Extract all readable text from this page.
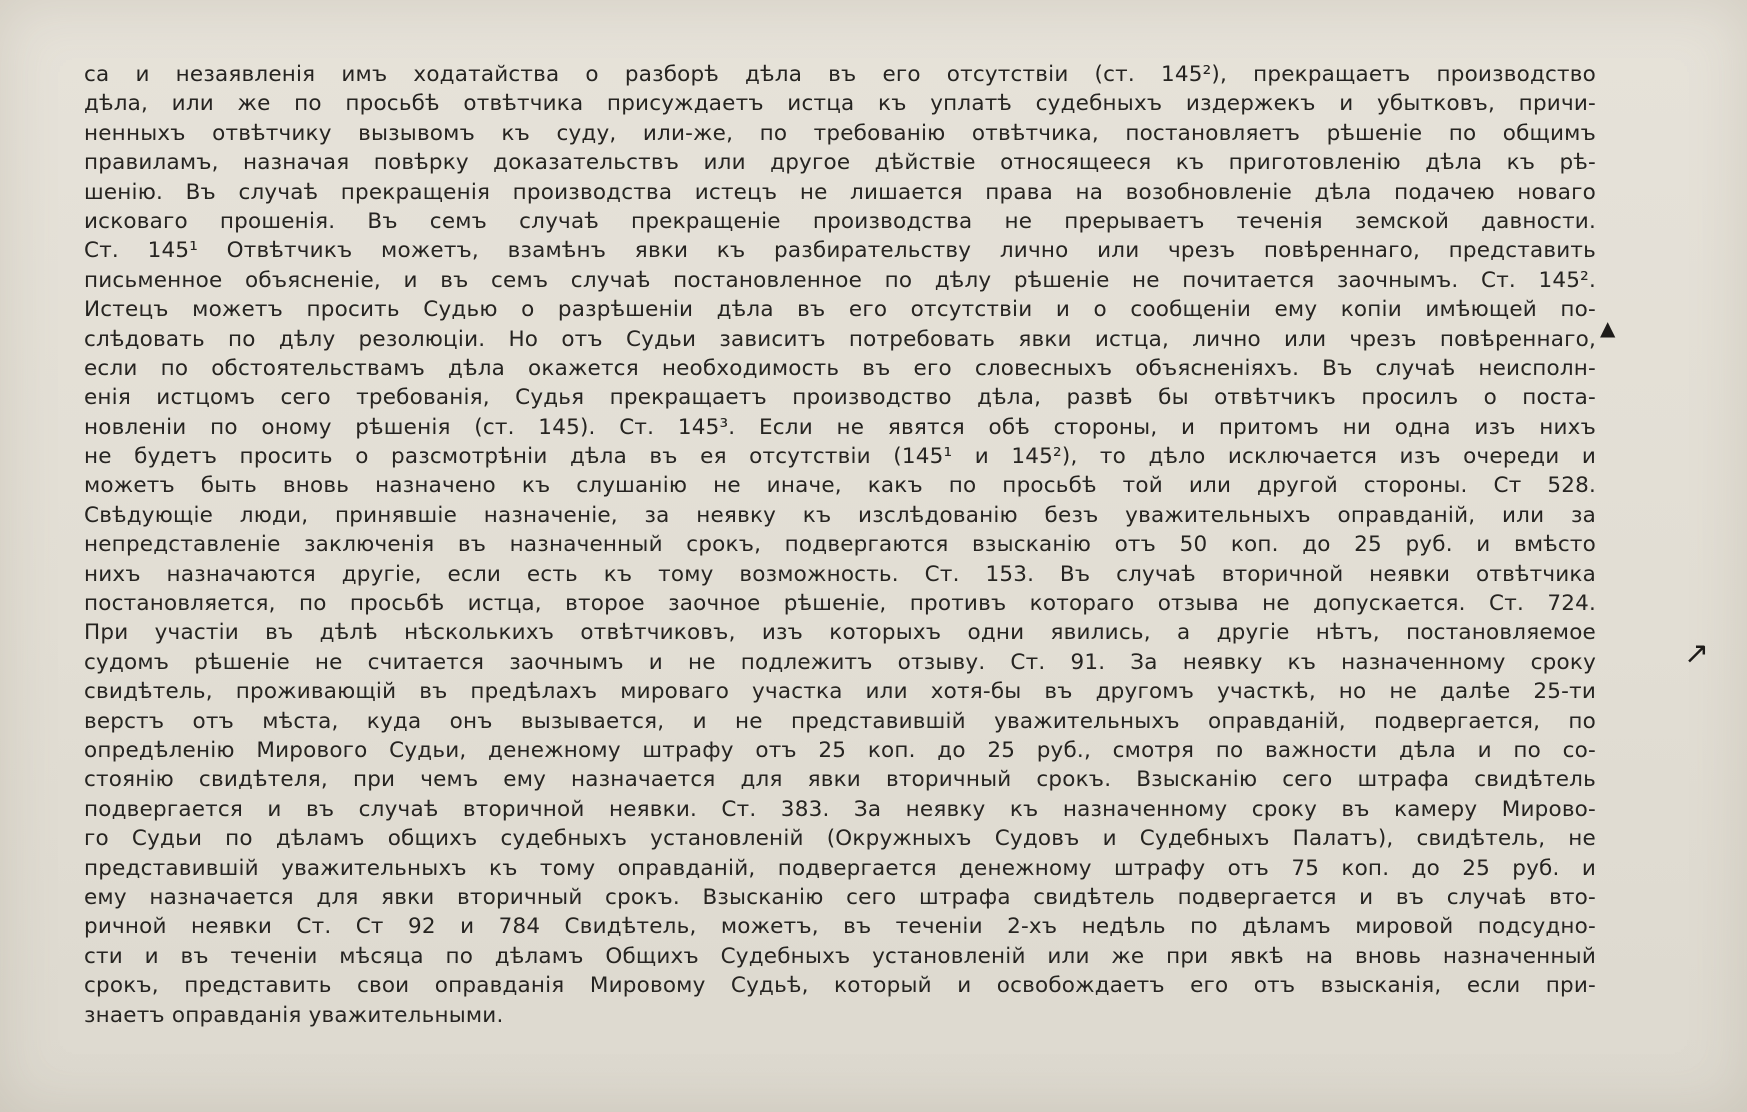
ca и незаявленія имъ ходатайства о разборѣ дѣла въ его отсутствіи (ст. 145²), прекращаетъ производство
дѣла, или же по просьбѣ отвѣтчика присуждаетъ истца къ уплатѣ судебныхъ издержекъ и убытковъ, причи-
ненныхъ отвѣтчику вызывомъ къ суду, или-же, по требованію отвѣтчика, постановляетъ рѣшеніе по общимъ
правиламъ, назначая повѣрку доказательствъ или другое дѣйствіе относящееся къ приготовленію дѣла къ рѣ-
шенію. Въ случаѣ прекращенія производства истецъ не лишается права на возобновленіе дѣла подачею новаго
исковаго прошенія. Въ семъ случаѣ прекращеніе производства не прерываетъ теченія земской давности.
Ст. 145¹ Отвѣтчикъ можетъ, взамѣнъ явки къ разбирательству лично или чрезъ повѣреннаго, представить
письменное объясненіе, и въ семъ случаѣ постановленное по дѣлу рѣшеніе не почитается заочнымъ. Ст. 145².
Истецъ можетъ просить Судью о разрѣшеніи дѣла въ его отсутствіи и о сообщеніи ему копіи имѣющей по-
слѣдовать по дѣлу резолюціи. Но отъ Судьи зависитъ потребовать явки истца, лично или чрезъ повѣреннаго,
если по обстоятельствамъ дѣла окажется необходимость въ его словесныхъ объясненіяхъ. Въ случаѣ неисполн-
енія истцомъ сего требованія, Судья прекращаетъ производство дѣла, развѣ бы отвѣтчикъ просилъ о поста-
новленіи по оному рѣшенія (ст. 145). Ст. 145³. Если не явятся обѣ стороны, и притомъ ни одна изъ нихъ
не будетъ просить о разсмотрѣніи дѣла въ ея отсутствіи (145¹ и 145²), то дѣло исключается изъ очереди и
можетъ быть вновь назначено къ слушанію не иначе, какъ по просьбѣ той или другой стороны. Ст 528.
Свѣдующіе люди, принявшіе назначеніе, за неявку къ изслѣдованію безъ уважительныхъ оправданій, или за
непредставленіе заключенія въ назначенный срокъ, подвергаются взысканію отъ 50 коп. до 25 руб. и вмѣсто
нихъ назначаются другіе, если есть къ тому возможность. Ст. 153. Въ случаѣ вторичной неявки отвѣтчика
постановляется, по просьбѣ истца, второе заочное рѣшеніе, противъ котораго отзыва не допускается. Ст. 724.
При участіи въ дѣлѣ нѣсколькихъ отвѣтчиковъ, изъ которыхъ одни явились, а другіе нѣтъ, постановляемое
судомъ рѣшеніе не считается заочнымъ и не подлежитъ отзыву. Ст. 91. За неявку къ назначенному сроку
свидѣтель, проживающій въ предѣлахъ мироваго участка или хотя-бы въ другомъ участкѣ, но не далѣе 25-ти
верстъ отъ мѣста, куда онъ вызывается, и не представившій уважительныхъ оправданій, подвергается, по
опредѣленію Мирового Судьи, денежному штрафу отъ 25 коп. до 25 руб., смотря по важности дѣла и по со-
стоянію свидѣтеля, при чемъ ему назначается для явки вторичный срокъ. Взысканію сего штрафа свидѣтель
подвергается и въ случаѣ вторичной неявки. Ст. 383. За неявку къ назначенному сроку въ камеру Мирово-
го Судьи по дѣламъ общихъ судебныхъ установленій (Окружныхъ Судовъ и Судебныхъ Палатъ), свидѣтель, не
представившій уважительныхъ къ тому оправданій, подвергается денежному штрафу отъ 75 коп. до 25 руб. и
ему назначается для явки вторичный срокъ. Взысканію сего штрафа свидѣтель подвергается и въ случаѣ вто-
ричной неявки Ст. Ст 92 и 784 Свидѣтель, можетъ, въ теченіи 2-хъ недѣль по дѣламъ мировой подсудно-
сти и въ теченіи мѣсяца по дѣламъ Общихъ Судебныхъ установленій или же при явкѣ на вновь назначенный
срокъ, представить свои оправданія Мировому Судьѣ, который и освобождаетъ его отъ взысканія, если при-
знаетъ оправданія уважительными.
▲
↗
